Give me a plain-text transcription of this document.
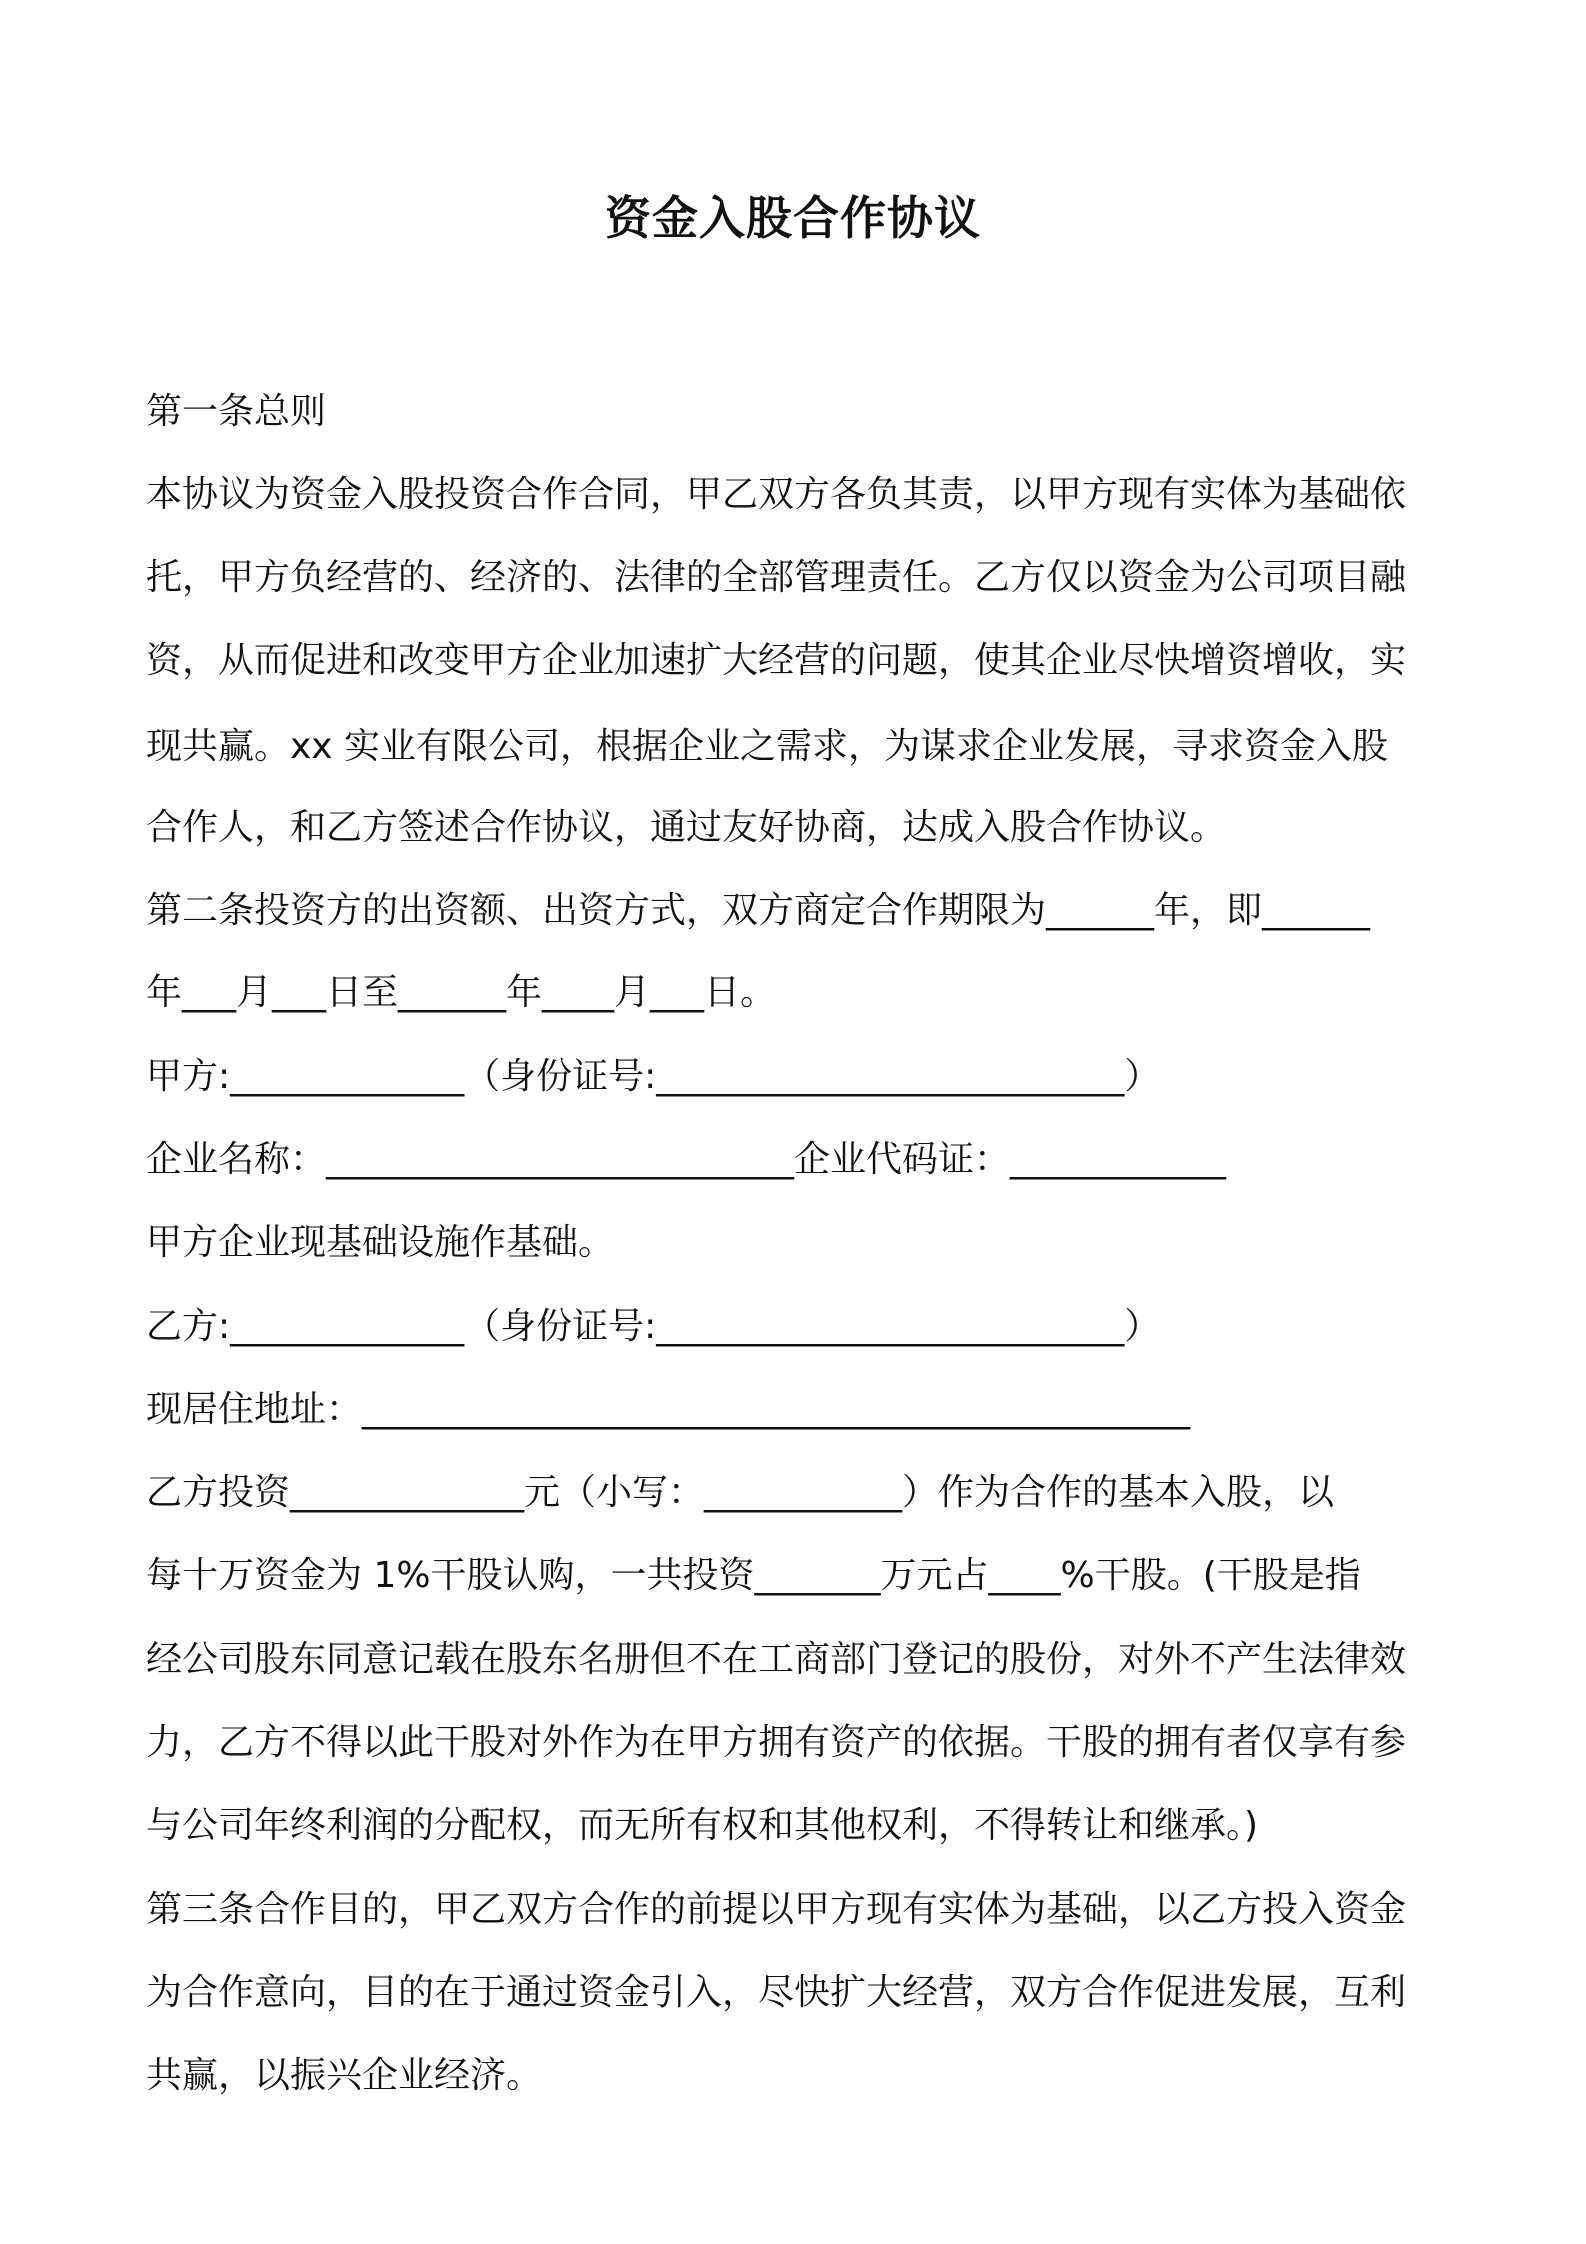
资金入股合作协议
第一条总则
本协议为资金入股投资合作合同，甲乙双方各负其责，以甲方现有实体为基础依
托，甲方负经营的、经济的、法律的全部管理责任。乙方仅以资金为公司项目融
资，从而促进和改变甲方企业加速扩大经营的问题，使其企业尽快增资增收，实
现共赢。xx 实业有限公司，根据企业之需求，为谋求企业发展，寻求资金入股
合作人，和乙方签述合作协议，通过友好协商，达成入股合作协议。
第二条投资方的出资额、出资方式，双方商定合作期限为______年，即______
年___月___日至______年____月___日。
甲方:_____________（身份证号:__________________________）
企业名称：__________________________企业代码证：____________
甲方企业现基础设施作基础。
乙方:_____________（身份证号:__________________________）
现居住地址：______________________________________________
乙方投资_____________元（小写：___________）作为合作的基本入股，以
每十万资金为 1%干股认购，一共投资_______万元占____%干股。(干股是指
经公司股东同意记载在股东名册但不在工商部门登记的股份，对外不产生法律效
力，乙方不得以此干股对外作为在甲方拥有资产的依据。干股的拥有者仅享有参
与公司年终利润的分配权，而无所有权和其他权利，不得转让和继承。)
第三条合作目的，甲乙双方合作的前提以甲方现有实体为基础，以乙方投入资金
为合作意向，目的在于通过资金引入，尽快扩大经营，双方合作促进发展，互利
共赢，以振兴企业经济。
